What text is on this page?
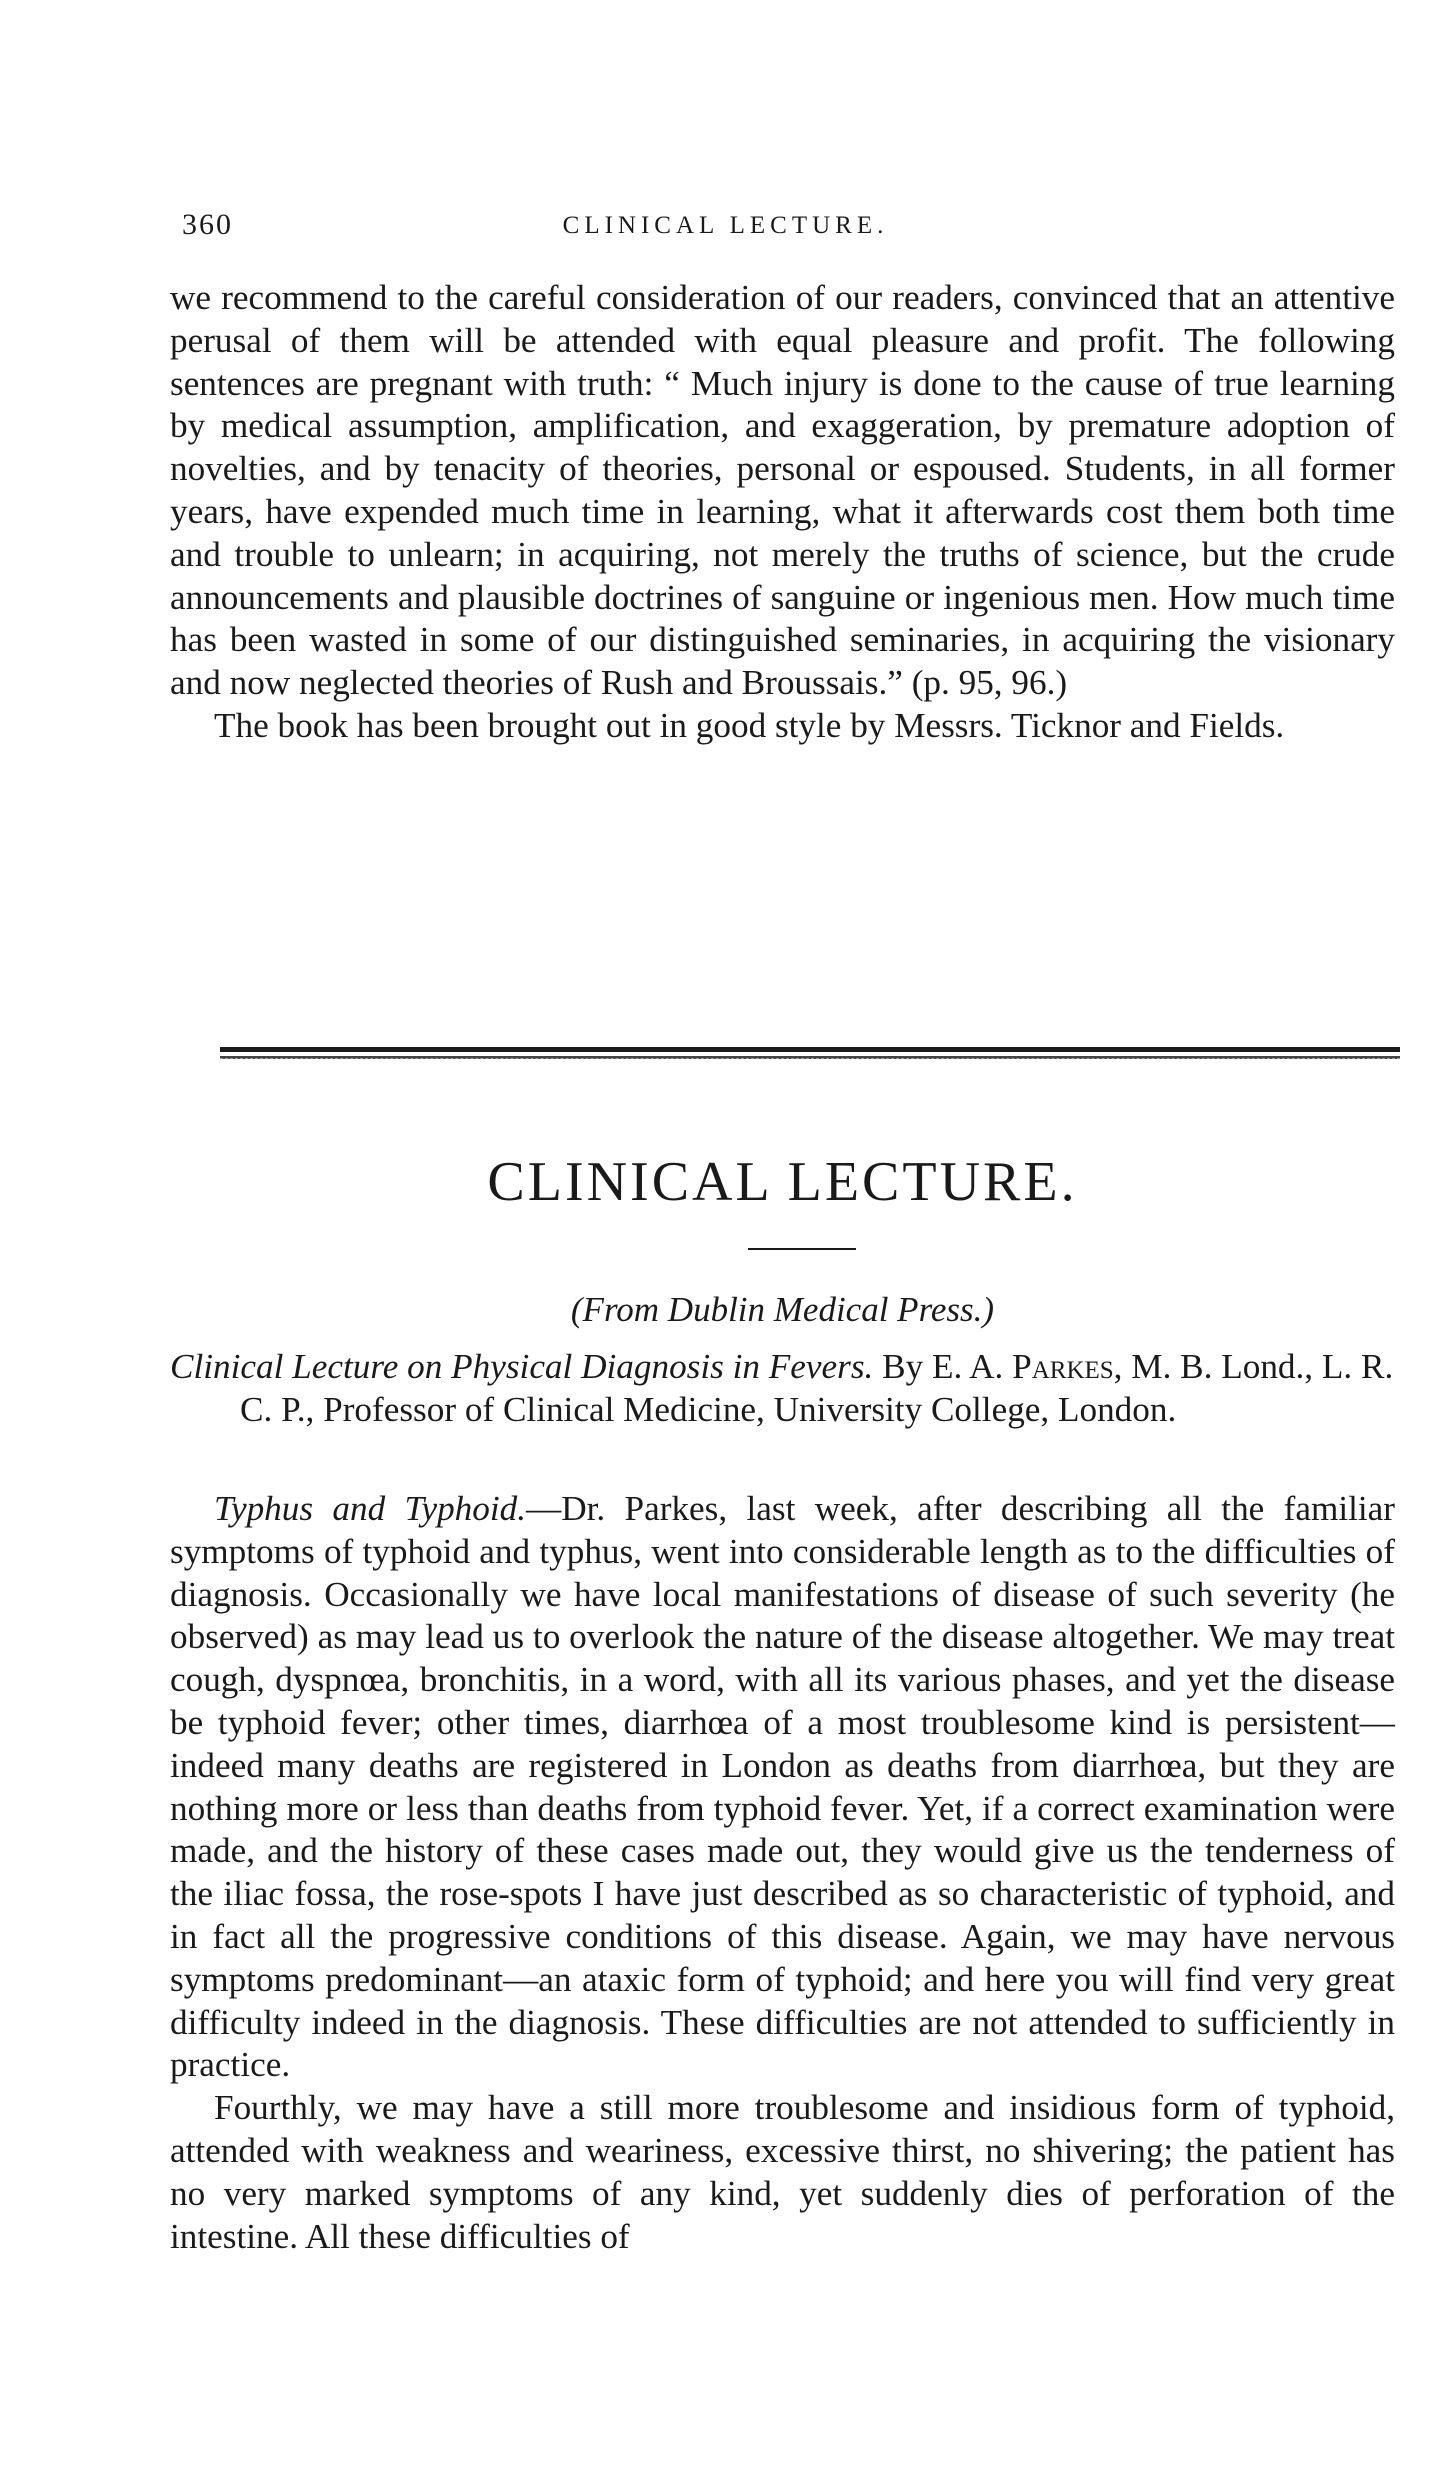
360	CLINICAL LECTURE.

we recommend to the careful consideration of our readers, convinced that an attentive perusal of them will be attended with equal pleasure and profit. The following sentences are pregnant with truth: “ Much injury is done to the cause of true learning by medical assumption, amplification, and exaggeration, by premature adoption of novelties, and by tenacity of theories, personal or espoused. Students, in all former years, have expended much time in learning, what it afterwards cost them both time and trouble to unlearn; in acquiring, not merely the truths of science, but the crude announcements and plausible doctrines of sanguine or ingenious men. How much time has been wasted in some of our distinguished seminaries, in acquiring the visionary and now neglected theories of Rush and Broussais.” (p. 95, 96.)

The book has been brought out in good style by Messrs. Ticknor and Fields.

CLINICAL LECTURE.
(From Dublin Medical Press.)

Clinical Lecture on Physical Diagnosis in Fevers. By E. A. Parkes, M. B. Lond., L. R. C. P., Professor of Clinical Medicine, University College, London.

Typhus and Typhoid.—Dr. Parkes, last week, after describing all the familiar symptoms of typhoid and typhus, went into considerable length as to the difficulties of diagnosis. Occasionally we have local manifestations of disease of such severity (he observed) as may lead us to overlook the nature of the disease altogether. We may treat cough, dyspnœa, bronchitis, in a word, with all its various phases, and yet the disease be typhoid fever; other times, diarrhœa of a most troublesome kind is persistent—indeed many deaths are registered in London as deaths from diarrhœa, but they are nothing more or less than deaths from typhoid fever. Yet, if a correct examination were made, and the history of these cases made out, they would give us the tenderness of the iliac fossa, the rose-spots I have just described as so characteristic of typhoid, and in fact all the progressive conditions of this disease. Again, we may have nervous symptoms predominant—an ataxic form of typhoid; and here you will find very great difficulty indeed in the diagnosis. These difficulties are not attended to sufficiently in practice.

Fourthly, we may have a still more troublesome and insidious form of typhoid, attended with weakness and weariness, excessive thirst, no shivering; the patient has no very marked symptoms of any kind, yet suddenly dies of perforation of the intestine. All these difficulties of
